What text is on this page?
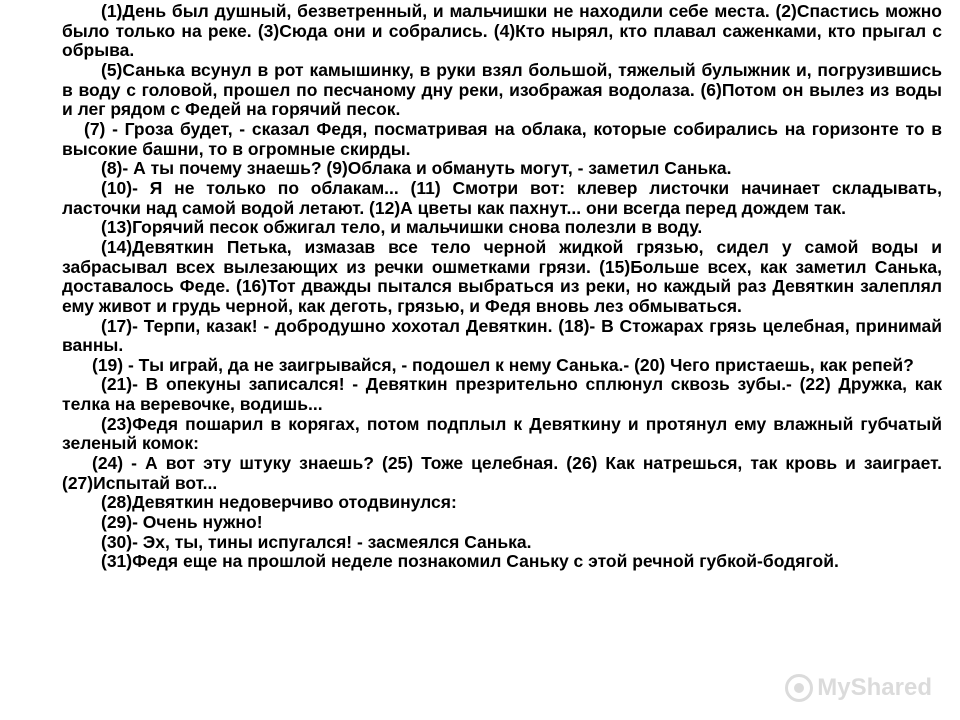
(1)День был душный, безветренный, и мальчишки не находили себе места. (2)Спастись можно было только на реке. (3)Сюда они и собрались. (4)Кто нырял, кто плавал саженками, кто прыгал с обрыва.

(5)Санька всунул в рот камышинку, в руки взял большой, тяжелый булыжник и, погрузившись в воду с головой, прошел по песчаному дну реки, изображая водолаза. (6)Потом он вылез из воды и лег рядом с Федей на горячий песок.

(7) - Гроза будет, - сказал Федя, посматривая на облака, которые собирались на горизонте то в высокие башни, то в огромные скирды.

(8)- А ты почему знаешь? (9)Облака и обмануть могут, - заметил Санька.

(10)- Я не только по облакам... (11) Смотри вот: клевер листочки начинает складывать, ласточки над самой водой летают. (12)А цветы как пахнут... они всегда перед дождем так.

(13)Горячий песок обжигал тело, и мальчишки снова полезли в воду.

(14)Девяткин Петька, измазав все тело черной жидкой грязью, сидел у самой воды и забрасывал всех вылезающих из речки ошметками грязи. (15)Больше всех, как заметил Санька, доставалось Феде. (16)Тот дважды пытался выбраться из реки, но каждый раз Девяткин залеплял ему живот и грудь черной, как деготь, грязью, и Федя вновь лез обмываться.

(17)- Терпи, казак! - добродушно хохотал Девяткин. (18)- В Стожарах грязь целебная, принимай ванны.

(19) - Ты играй, да не заигрывайся, - подошел к нему Санька.- (20) Чего пристаешь, как репей?

(21)- В опекуны записался! - Девяткин презрительно сплюнул сквозь зубы.- (22) Дружка, как телка на веревочке, водишь...

(23)Федя пошарил в корягах, потом подплыл к Девяткину и протянул ему влажный губчатый зеленый комок:

(24) - А вот эту штуку знаешь? (25) Тоже целебная. (26) Как натрешься, так кровь и заиграет. (27)Испытай вот...

(28)Девяткин недоверчиво отодвинулся:

(29)- Очень нужно!

(30)- Эх, ты, тины испугался! - засмеялся Санька.

(31)Федя еще на прошлой неделе познакомил Саньку с этой речной губкой-бодягой.

MyShared
